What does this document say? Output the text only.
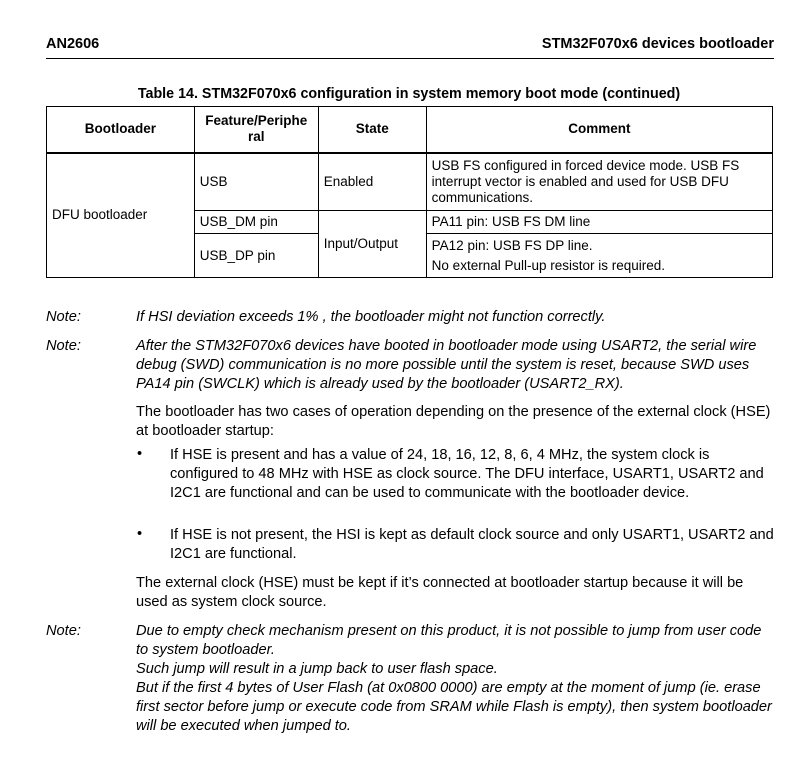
AN2606	STM32F070x6 devices bootloader
Table 14. STM32F070x6 configuration in system memory boot mode (continued)
Bootloader	Feature/Periphe ral	State	Comment
DFU bootloader	USB	Enabled	USB FS configured in forced device mode. USB FS interrupt vector is enabled and used for USB DFU communications.
	USB_DM pin	Input/Output	PA11 pin: USB FS DM line
	USB_DP pin		PA12 pin: USB FS DP line.
No external Pull-up resistor is required.
Note:	If HSI deviation exceeds 1% , the bootloader might not function correctly.
Note:	After the STM32F070x6 devices have booted in bootloader mode using USART2, the serial wire debug (SWD) communication is no more possible until the system is reset, because SWD uses PA14 pin (SWCLK) which is already used by the bootloader (USART2_RX).
The bootloader has two cases of operation depending on the presence of the external clock (HSE) at bootloader startup:
• If HSE is present and has a value of 24, 18, 16, 12, 8, 6, 4 MHz, the system clock is configured to 48 MHz with HSE as clock source. The DFU interface, USART1, USART2 and I2C1 are functional and can be used to communicate with the bootloader device.
• If HSE is not present, the HSI is kept as default clock source and only USART1, USART2 and I2C1 are functional.
The external clock (HSE) must be kept if it’s connected at bootloader startup because it will be used as system clock source.
Note:	Due to empty check mechanism present on this product, it is not possible to jump from user code to system bootloader.
Such jump will result in a jump back to user flash space.
But if the first 4 bytes of User Flash (at 0x0800 0000) are empty at the moment of jump (ie. erase first sector before jump or execute code from SRAM while Flash is empty), then system bootloader will be executed when jumped to.
